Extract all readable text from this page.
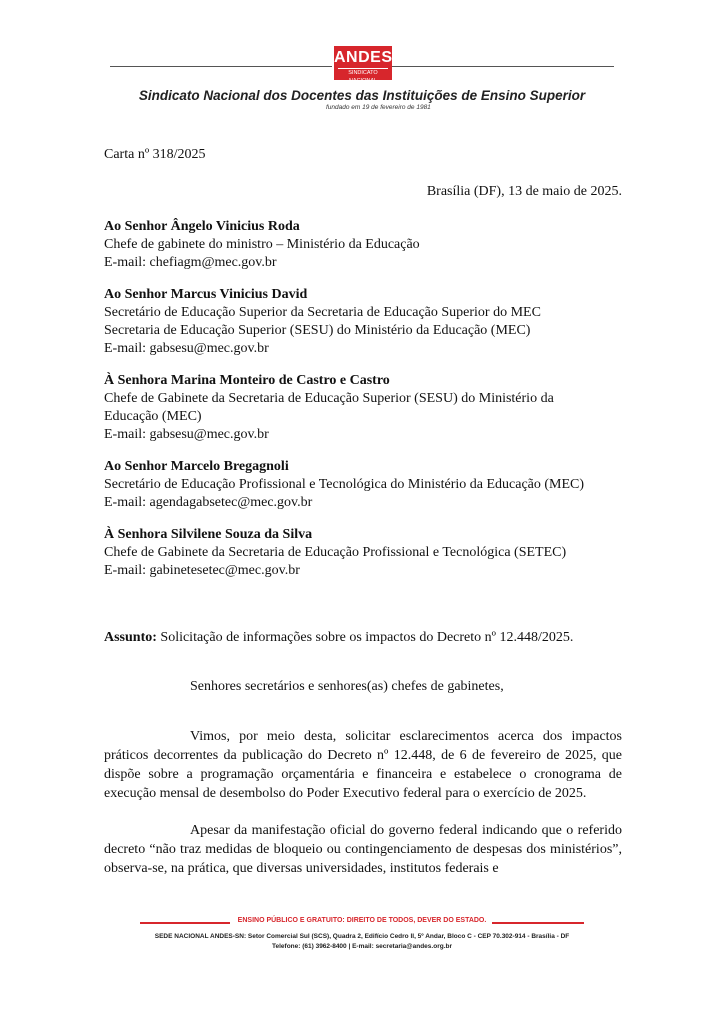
ANDES
SINDICATO NACIONAL
Sindicato Nacional dos Docentes das Instituições de Ensino Superior
fundado em 19 de fevereiro de 1981

Carta nº 318/2025

Brasília (DF), 13 de maio de 2025.

Ao Senhor Ângelo Vinicius Roda
Chefe de gabinete do ministro – Ministério da Educação
E-mail: chefiagm@mec.gov.br
Ao Senhor Marcus Vinicius David
Secretário de Educação Superior da Secretaria de Educação Superior do MEC
Secretaria de Educação Superior (SESU) do Ministério da Educação (MEC)
E-mail: gabsesu@mec.gov.br
À Senhora Marina Monteiro de Castro e Castro
Chefe de Gabinete da Secretaria de Educação Superior (SESU) do Ministério da
Educação (MEC)
E-mail: gabsesu@mec.gov.br
Ao Senhor Marcelo Bregagnoli
Secretário de Educação Profissional e Tecnológica do Ministério da Educação (MEC)
E-mail: agendagabsetec@mec.gov.br
À Senhora Silvilene Souza da Silva
Chefe de Gabinete da Secretaria de Educação Profissional e Tecnológica (SETEC)
E-mail: gabinetesetec@mec.gov.br

Assunto: Solicitação de informações sobre os impactos do Decreto nº 12.448/2025.

Senhores secretários e senhores(as) chefes de gabinetes,

Vimos, por meio desta, solicitar esclarecimentos acerca dos impactos práticos decorrentes da publicação do Decreto nº 12.448, de 6 de fevereiro de 2025, que dispõe sobre a programação orçamentária e financeira e estabelece o cronograma de execução mensal de desembolso do Poder Executivo federal para o exercício de 2025.

Apesar da manifestação oficial do governo federal indicando que o referido decreto “não traz medidas de bloqueio ou contingenciamento de despesas dos ministérios”, observa-se, na prática, que diversas universidades, institutos federais e

ENSINO PÚBLICO E GRATUITO: DIREITO DE TODOS, DEVER DO ESTADO.
SEDE NACIONAL ANDES-SN: Setor Comercial Sul (SCS), Quadra 2, Edifício Cedro II, 5º Andar, Bloco C - CEP 70.302-914 - Brasília - DF
Telefone: (61) 3962-8400 | E-mail: secretaria@andes.org.br
